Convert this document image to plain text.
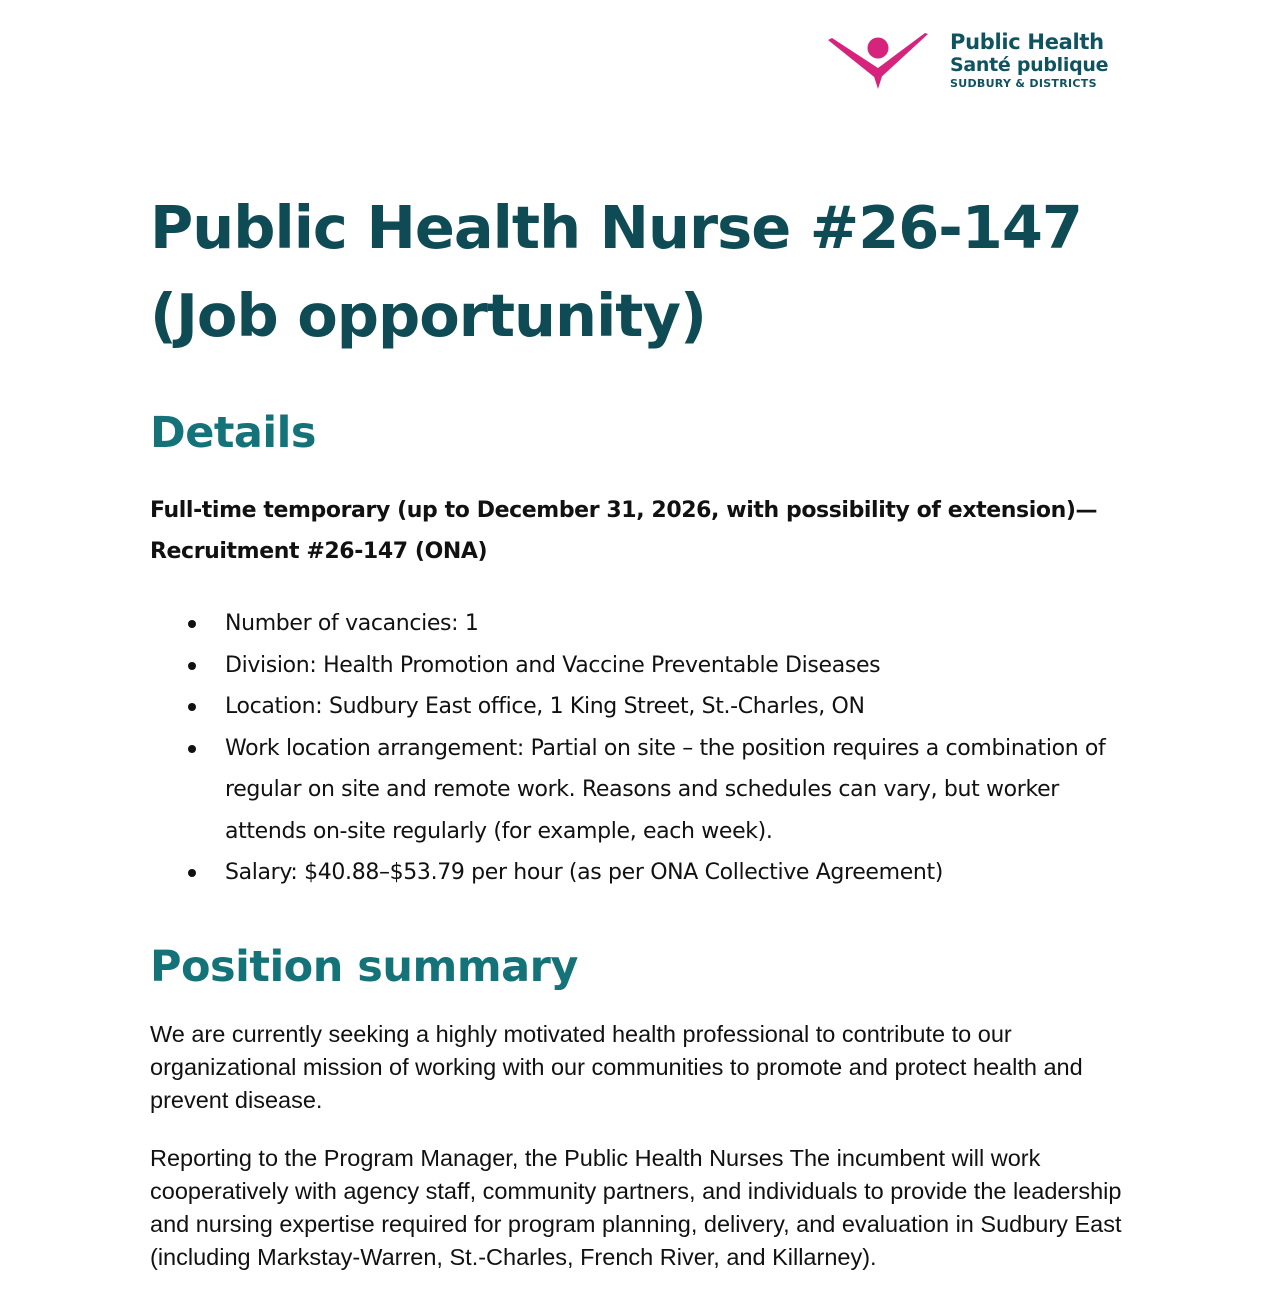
Public Health
Santé publique
SUDBURY & DISTRICTS
Public Health Nurse #26-147 (Job opportunity)
Details

Full-time temporary (up to December 31, 2026, with possibility of extension)—Recruitment #26-147 (ONA)

Number of vacancies: 1
Division: Health Promotion and Vaccine Preventable Diseases
Location: Sudbury East office, 1 King Street, St.-Charles, ON
Work location arrangement: Partial on site – the position requires a combination of regular on site and remote work. Reasons and schedules can vary, but worker attends on-site regularly (for example, each week).
Salary: $40.88–$53.79 per hour (as per ONA Collective Agreement)
Position summary

We are currently seeking a highly motivated health professional to contribute to our organizational mission of working with our communities to promote and protect health and prevent disease.

Reporting to the Program Manager, the Public Health Nurses The incumbent will work cooperatively with agency staff, community partners, and individuals to provide the leadership and nursing expertise required for program planning, delivery, and evaluation in Sudbury East (including Markstay-Warren, St.-Charles, French River, and Killarney).
